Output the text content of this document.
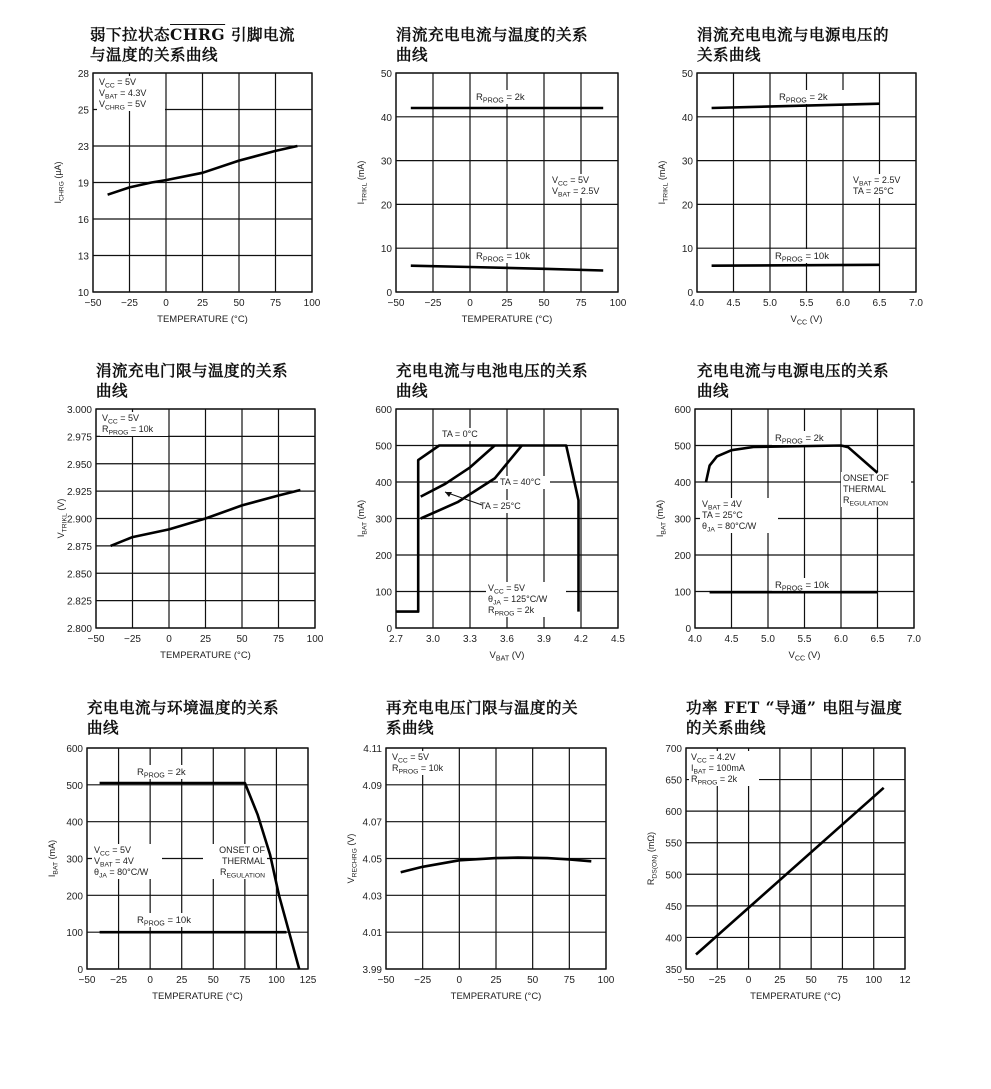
弱下拉状态CHRG 引脚电流
与温度的关系曲线
涓流充电电流与温度的关系
曲线
涓流充电电流与电源电压的
关系曲线
涓流充电门限与温度的关系
曲线
充电电流与电池电压的关系
曲线
充电电流与电源电压的关系
曲线
充电电流与环境温度的关系
曲线
再充电电压门限与温度的关
系曲线
功率 FET “导通” 电阻与温度
的关系曲线
−50 −25	0	25	50	75 100
10
13
16
19
23
25
28
TEMPERATURE (°C)
$I_{CHRG}$ (µA)
$V_{CC} = 5V$
$V_{BAT} = 4.3V$
$V_{CHRG} = 5V$
−50 −25	0	25	50	75 100
0
10
20
30
40
50
TEMPERATURE (°C)
$I_{TRIKL}$ (mA)	$V_{CC} = 5V$
$V_{BAT} = 2.5V$
$R_{PROG} = 2k$
$R_{PROG} = 10k$
4.0 4.5 5.0 5.5 6.0 6.5 7.0
0
10
20
30
40
50
$V_{CC}$ (V)
$I_{TRIKL}$ (mA)	$V_{BAT} = 2.5V$
TA = 25°C
$R_{PROG} = 2k$
$R_{PROG} = 10k$
−50 −25	0	25	50	75 100
2.800
2.825
2.850
2.875
2.900
2.925
2.950
2.975
3.000
TEMPERATURE (°C)
$V_{TRIKL}$ (V)
$V_{CC} = 5V$
$R_{PROG} = 10k$
2.7 3.0 3.3 3.6 3.9 4.2 4.5
0
100
200
300
400
500
600
$V_{BAT}$ (V)
$I_{BAT}$ (mA)
TA = 0°C
TA = 40°C
TA = 25°C
$V_{CC} = 5V$
$\theta_{JA} = 125^\circ C/W$
$R_{PROG} = 2k$
4.0 4.5 5.0 5.5 6.0 6.5 7.0
0
100
200
300
400
500
600
$V_{CC}$ (V)
$I_{BAT}$ (mA)
ONSET OF
THERMAL
$R_{EGULATION}$
$V_{BAT} = 4V$
TA = 25°C
$\theta_{JA} = 80^\circ C/W$
$R_{PROG} = 2k$
$R_{PROG} = 10k$
−50 −25 0 25 50 75 100 125
0
100
200
300
400
500
600
TEMPERATURE (°C)
$I_{BAT}$ (mA)	$V_{CC} = 5V$
$V_{BAT} = 4V$
$\theta_{JA} = 80^\circ C/W$
ONSET OF
THERMAL
$R_{EGULATION}$
$R_{PROG} = 2k$
$R_{PROG} = 10k$
−50 −25	0	25	50	75 100
3.99
4.01
4.03
4.05
4.07
4.09
4.11
TEMPERATURE (°C)
$V_{RECHRG}$ (V)
$V_{CC} = 5V$
$R_{PROG} = 10k$
−50 −25 0 25 50 75 100 12
350
400
450
500
550
600
650
700
TEMPERATURE (°C)
$R_{DS(ON)}$ (mΩ)
$V_{CC} = 4.2V$
$I_{BAT} = 100mA$
$R_{PROG} = 2k$
